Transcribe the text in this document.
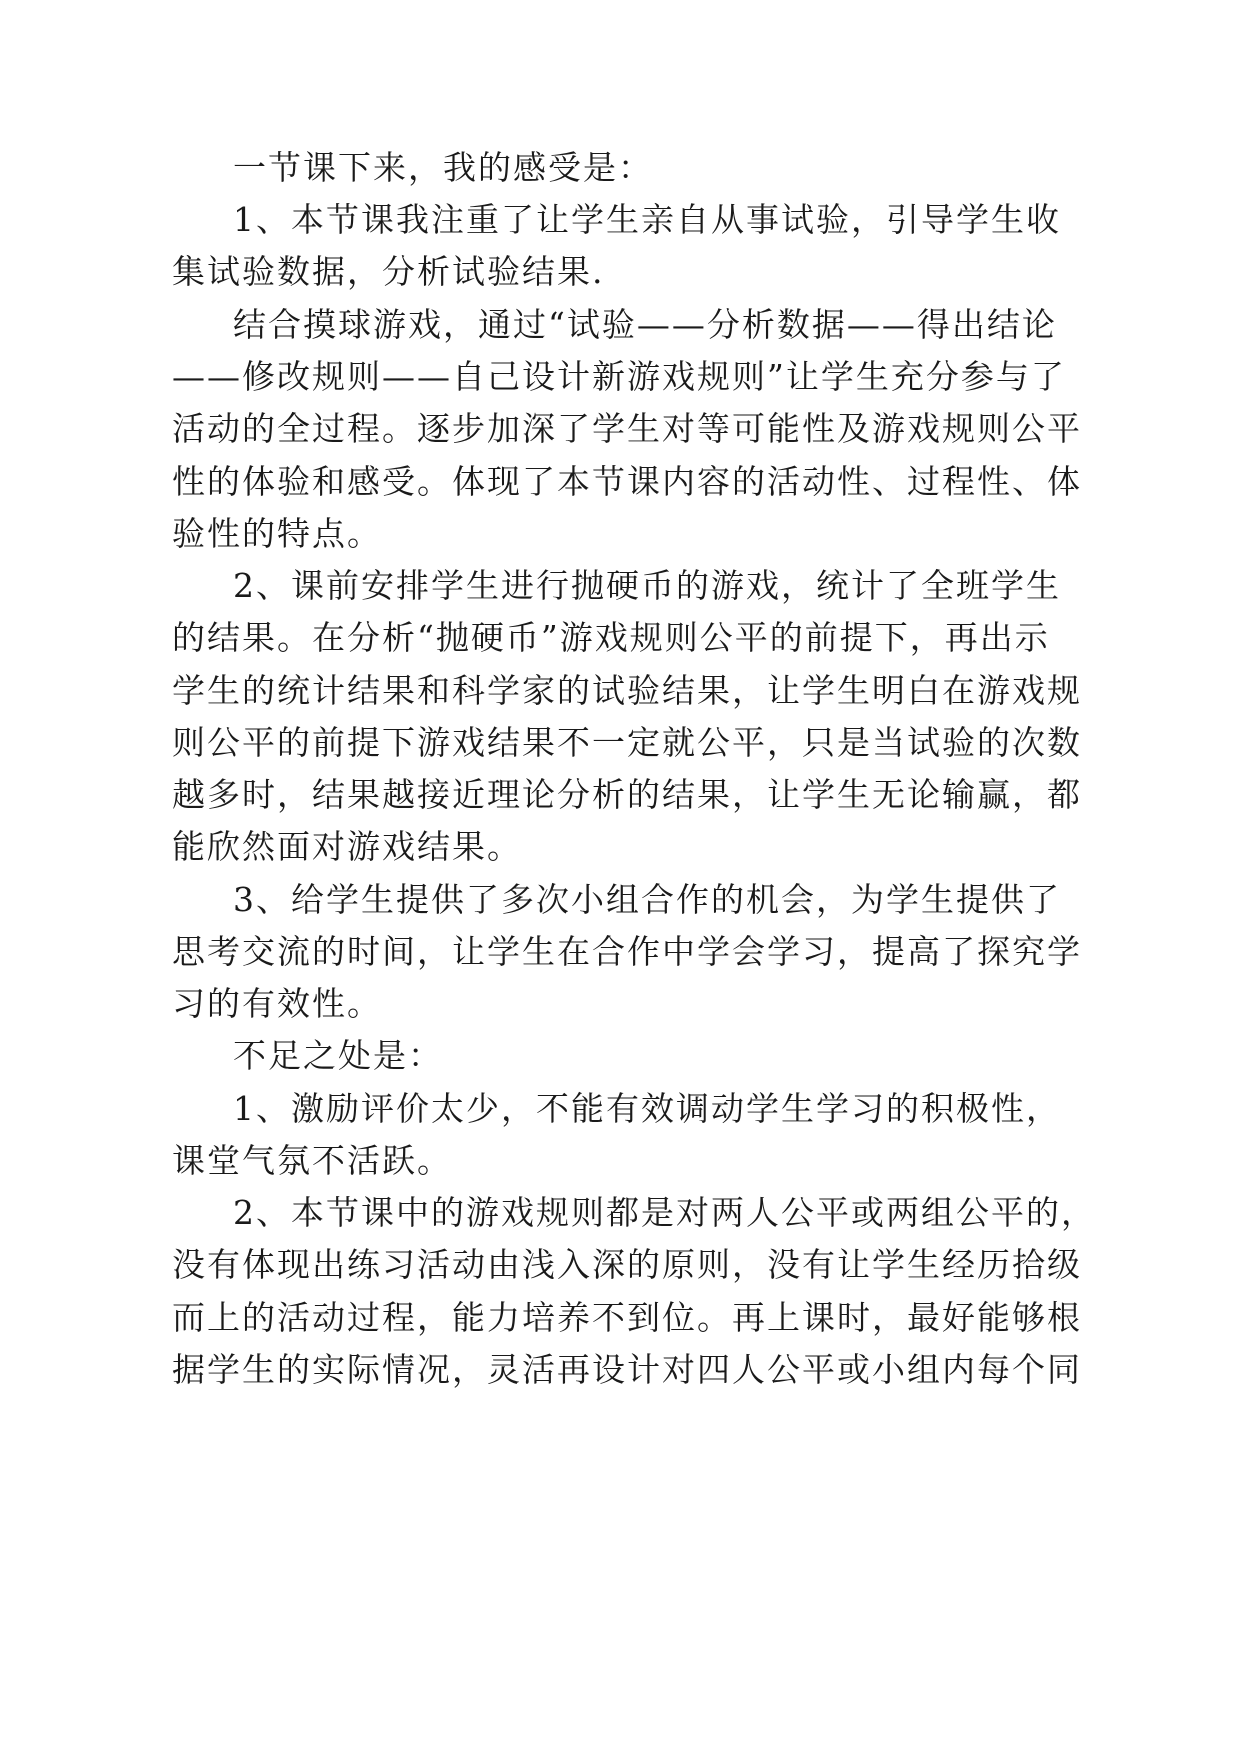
一节课下来，我的感受是：
1、本节课我注重了让学生亲自从事试验，引导学生收
集试验数据，分析试验结果.
结合摸球游戏，通过“试验——分析数据——得出结论
——修改规则——自己设计新游戏规则”让学生充分参与了
活动的全过程。逐步加深了学生对等可能性及游戏规则公平
性的体验和感受。体现了本节课内容的活动性、过程性、体
验性的特点。
2、课前安排学生进行抛硬币的游戏，统计了全班学生
的结果。在分析“抛硬币”游戏规则公平的前提下，再出示
学生的统计结果和科学家的试验结果，让学生明白在游戏规
则公平的前提下游戏结果不一定就公平，只是当试验的次数
越多时，结果越接近理论分析的结果，让学生无论输赢，都
能欣然面对游戏结果。
3、给学生提供了多次小组合作的机会，为学生提供了
思考交流的时间，让学生在合作中学会学习，提高了探究学
习的有效性。
不足之处是：
1、激励评价太少，不能有效调动学生学习的积极性，
课堂气氛不活跃。
2、本节课中的游戏规则都是对两人公平或两组公平的，
没有体现出练习活动由浅入深的原则，没有让学生经历拾级
而上的活动过程，能力培养不到位。再上课时，最好能够根
据学生的实际情况，灵活再设计对四人公平或小组内每个同
